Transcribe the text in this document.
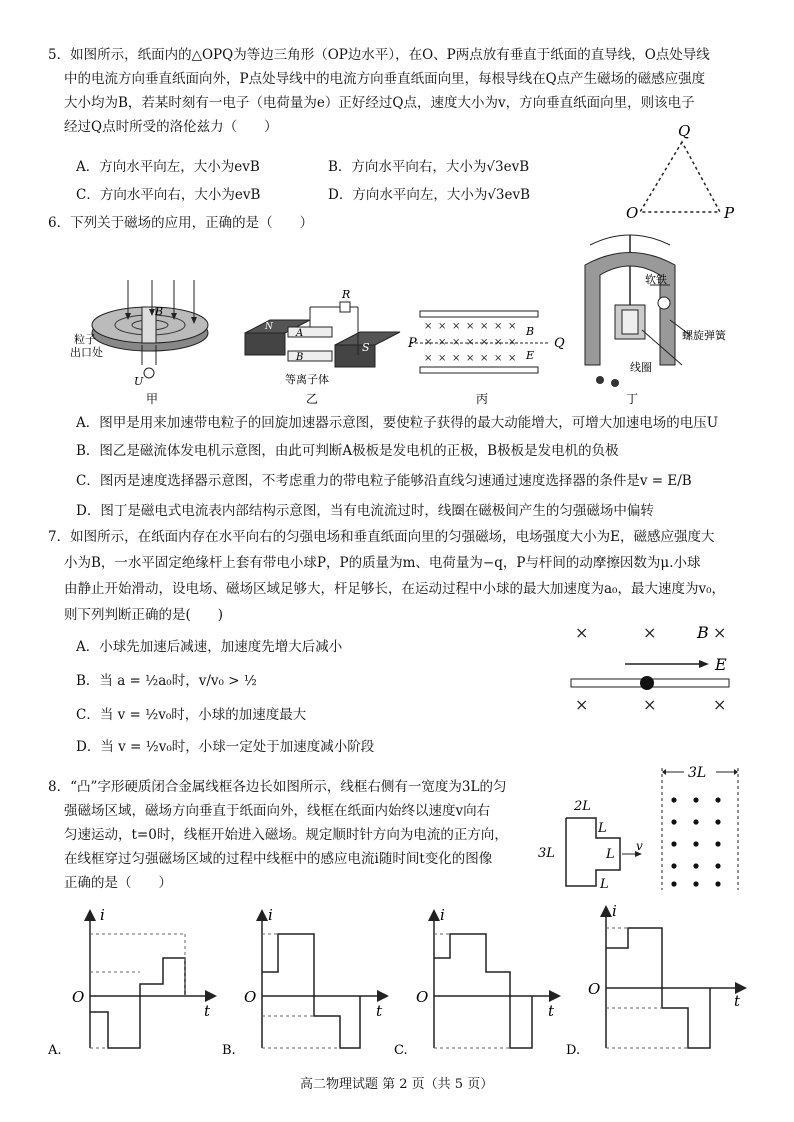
5．如图所示，纸面内的△OPQ为等边三角形（OP边水平），在O、P两点放有垂直于纸面的直导线，O点处导线
中的电流方向垂直纸面向外，P点处导线中的电流方向垂直纸面向里，每根导线在Q点产生磁场的磁感应强度
大小均为B，若某时刻有一电子（电荷量为e）正好经过Q点，速度大小为v，方向垂直纸面向里，则该电子
经过Q点时所受的洛伦兹力（　　）
A．方向水平向左，大小为evB	B．方向水平向右，大小为√3evB
C．方向水平向右，大小为evB	D．方向水平向左，大小为√3evB
Q
O	P
6．下列关于磁场的应用，正确的是（　　）
B
粒子
出口处
U
甲
R
A
B
S
N
等离子体
乙
× × × × × × ×
× × × × × × ×
× × × × × × ×
P	Q
B
E
丙
软铁
螺旋弹簧
线圈
丁
A．图甲是用来加速带电粒子的回旋加速器示意图，要使粒子获得的最大动能增大，可增大加速电场的电压U
B．图乙是磁流体发电机示意图，由此可判断A极板是发电机的正极，B极板是发电机的负极
C．图丙是速度选择器示意图，不考虑重力的带电粒子能够沿直线匀速通过速度选择器的条件是v = E/B
D．图丁是磁电式电流表内部结构示意图，当有电流流过时，线圈在磁极间产生的匀强磁场中偏转
7．如图所示，在纸面内存在水平向右的匀强电场和垂直纸面向里的匀强磁场，电场强度大小为E，磁感应强度大
小为B，一水平固定绝缘杆上套有带电小球P，P的质量为m、电荷量为−q，P与杆间的动摩擦因数为μ.小球
由静止开始滑动，设电场、磁场区域足够大，杆足够长，在运动过程中小球的最大加速度为a₀，最大速度为v₀，
则下列判断正确的是(　　)
A．小球先加速后减速，加速度先增大后减小
B．当 a = ½a₀时，v/v₀ > ½
C．当 v = ½v₀时，小球的加速度最大
D．当 v = ½v₀时，小球一定处于加速度减小阶段
×	×	×
×	×	×
B
E
8．“凸”字形硬质闭合金属线框各边长如图所示，线框右侧有一宽度为3L的匀
强磁场区域，磁场方向垂直于纸面向外，线框在纸面内始终以速度v向右
匀速运动，t=0时，线框开始进入磁场。规定顺时针方向为电流的正方向，
在线框穿过匀强磁场区域的过程中线框中的感应电流i随时间t变化的图像
正确的是（　　）
2L
3L
L
L
L
v
3L
i
O
t
A.
i
O
t
B.
i
O
t
C.
i
O
t
D.
高二物理试题 第 2 页（共 5 页）
